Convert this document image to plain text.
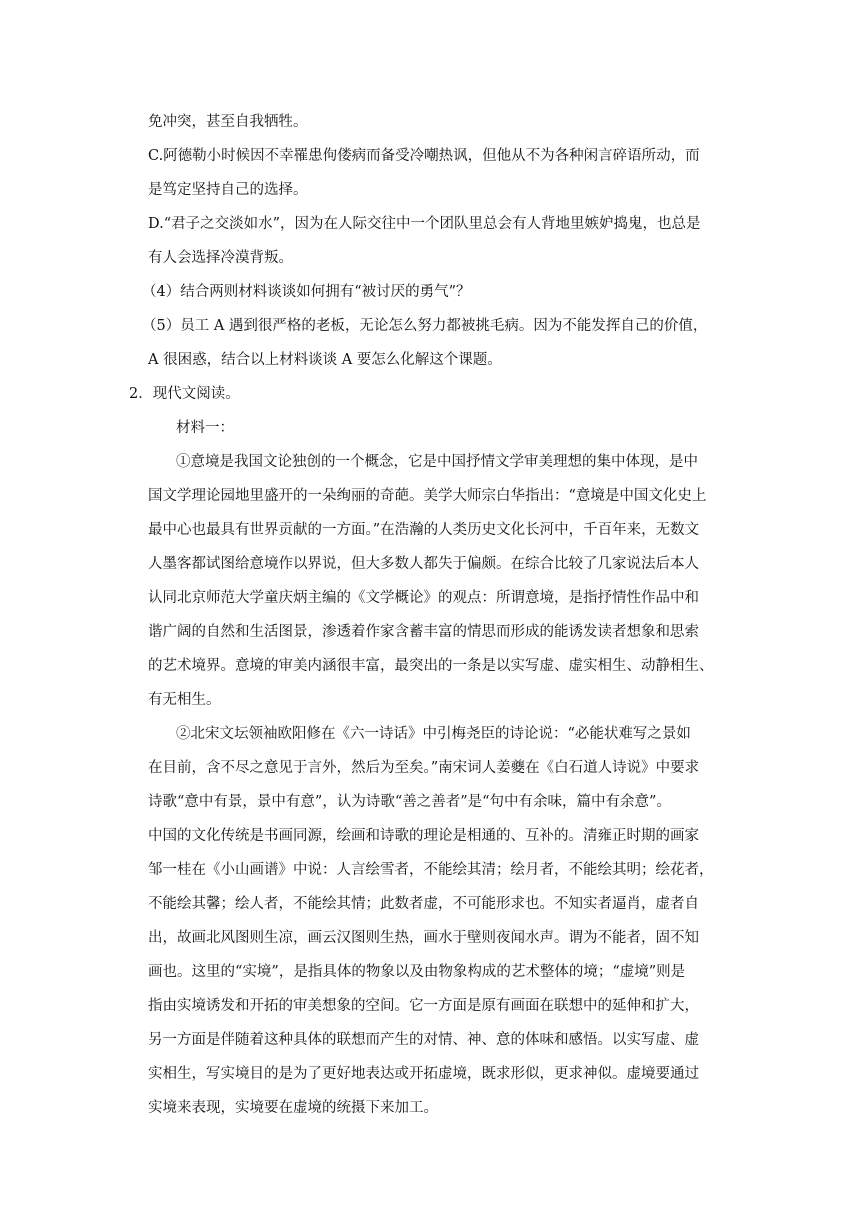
免冲突，甚至自我牺牲。

C.阿德勒小时候因不幸罹患佝偻病而备受冷嘲热讽，但他从不为各种闲言碎语所动，而

是笃定坚持自己的选择。

D.“君子之交淡如水”，因为在人际交往中一个团队里总会有人背地里嫉妒捣鬼，也总是

有人会选择冷漠背叛。

（4）结合两则材料谈谈如何拥有“被讨厌的勇气”？

（5）员工 A 遇到很严格的老板，无论怎么努力都被挑毛病。因为不能发挥自己的价值，

A 很困惑，结合以上材料谈谈 A 要怎么化解这个课题。

2．现代文阅读。

材料一：

①意境是我国文论独创的一个概念，它是中国抒情文学审美理想的集中体现，是中

国文学理论园地里盛开的一朵绚丽的奇葩。美学大师宗白华指出：“意境是中国文化史上

最中心也最具有世界贡献的一方面。”在浩瀚的人类历史文化长河中，千百年来，无数文

人墨客都试图给意境作以界说，但大多数人都失于偏颇。在综合比较了几家说法后本人

认同北京师范大学童庆炳主编的《文学概论》的观点：所谓意境，是指抒情性作品中和

谐广阔的自然和生活图景，渗透着作家含蓄丰富的情思而形成的能诱发读者想象和思索

的艺术境界。意境的审美内涵很丰富，最突出的一条是以实写虚、虚实相生、动静相生、

有无相生。

②北宋文坛领袖欧阳修在《六一诗话》中引梅尧臣的诗论说：“必能状难写之景如

在目前，含不尽之意见于言外，然后为至矣。”南宋词人姜夔在《白石道人诗说》中要求

诗歌“意中有景，景中有意”，认为诗歌“善之善者”是“句中有余味，篇中有余意”。

中国的文化传统是书画同源，绘画和诗歌的理论是相通的、互补的。清雍正时期的画家

邹一桂在《小山画谱》中说：人言绘雪者，不能绘其清；绘月者，不能绘其明；绘花者，

不能绘其馨；绘人者，不能绘其情；此数者虚，不可能形求也。不知实者逼肖，虚者自

出，故画北风图则生凉，画云汉图则生热，画水于壁则夜闻水声。谓为不能者，固不知

画也。这里的“实境”，是指具体的物象以及由物象构成的艺术整体的境；“虚境”则是

指由实境诱发和开拓的审美想象的空间。它一方面是原有画面在联想中的延伸和扩大，

另一方面是伴随着这种具体的联想而产生的对情、神、意的体味和感悟。以实写虚、虚

实相生，写实境目的是为了更好地表达或开拓虚境，既求形似，更求神似。虚境要通过

实境来表现，实境要在虚境的统摄下来加工。
